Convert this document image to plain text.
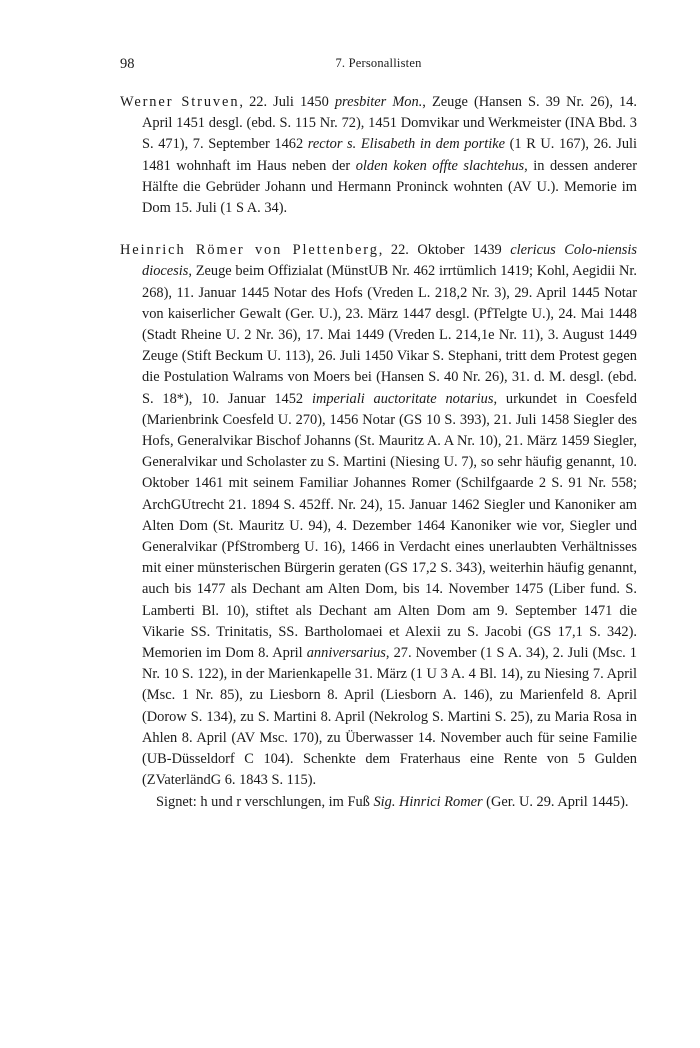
98	7. Personallisten
Werner Struven, 22. Juli 1450 presbiter Mon., Zeuge (Hansen S. 39 Nr. 26), 14. April 1451 desgl. (ebd. S. 115 Nr. 72), 1451 Domvikar und Werkmeister (INA Bbd. 3 S. 471), 7. September 1462 rector s. Elisabeth in dem portike (1 R U. 167), 26. Juli 1481 wohnhaft im Haus neben der olden koken offte slachtehus, in dessen anderer Hälfte die Gebrüder Johann und Hermann Proninck wohnten (AV U.). Memorie im Dom 15. Juli (1 S A. 34).
Heinrich Römer von Plettenberg, 22. Oktober 1439 clericus Colo-niensis diocesis, Zeuge beim Offizialat (MünstUB Nr. 462 irrtümlich 1419; Kohl, Aegidii Nr. 268), 11. Januar 1445 Notar des Hofs (Vreden L. 218,2 Nr. 3), 29. April 1445 Notar von kaiserlicher Gewalt (Ger. U.), 23. März 1447 desgl. (PfTelgte U.), 24. Mai 1448 (Stadt Rheine U. 2 Nr. 36), 17. Mai 1449 (Vreden L. 214,1e Nr. 11), 3. August 1449 Zeuge (Stift Beckum U. 113), 26. Juli 1450 Vikar S. Stephani, tritt dem Protest gegen die Postulation Walrams von Moers bei (Hansen S. 40 Nr. 26), 31. d. M. desgl. (ebd. S. 18*), 10. Januar 1452 imperiali auctoritate notarius, urkundet in Coesfeld (Marienbrink Coesfeld U. 270), 1456 Notar (GS 10 S. 393), 21. Juli 1458 Siegler des Hofs, Generalvikar Bischof Johanns (St. Mauritz A. A Nr. 10), 21. März 1459 Siegler, Generalvikar und Scholaster zu S. Martini (Niesing U. 7), so sehr häufig genannt, 10. Oktober 1461 mit seinem Familiar Johannes Romer (Schilfgaarde 2 S. 91 Nr. 558; ArchGUtrecht 21. 1894 S. 452ff. Nr. 24), 15. Januar 1462 Siegler und Kanoniker am Alten Dom (St. Mauritz U. 94), 4. Dezember 1464 Kanoniker wie vor, Siegler und Generalvikar (PfStromberg U. 16), 1466 in Verdacht eines unerlaubten Verhältnisses mit einer münsterischen Bürgerin geraten (GS 17,2 S. 343), weiterhin häufig genannt, auch bis 1477 als Dechant am Alten Dom, bis 14. November 1475 (Liber fund. S. Lamberti Bl. 10), stiftet als Dechant am Alten Dom am 9. September 1471 die Vikarie SS. Trinitatis, SS. Bartholomaei et Alexii zu S. Jacobi (GS 17,1 S. 342). Memorien im Dom 8. April anniversarius, 27. November (1 S A. 34), 2. Juli (Msc. 1 Nr. 10 S. 122), in der Marienkapelle 31. März (1 U 3 A. 4 Bl. 14), zu Niesing 7. April (Msc. 1 Nr. 85), zu Liesborn 8. April (Liesborn A. 146), zu Marienfeld 8. April (Dorow S. 134), zu S. Martini 8. April (Nekrolog S. Martini S. 25), zu Maria Rosa in Ahlen 8. April (AV Msc. 170), zu Überwasser 14. November auch für seine Familie (UB-Düsseldorf C 104). Schenkte dem Fraterhaus eine Rente von 5 Gulden (ZVaterländG 6. 1843 S. 115).
Signet: h und r verschlungen, im Fuß Sig. Hinrici Romer (Ger. U. 29. April 1445).
